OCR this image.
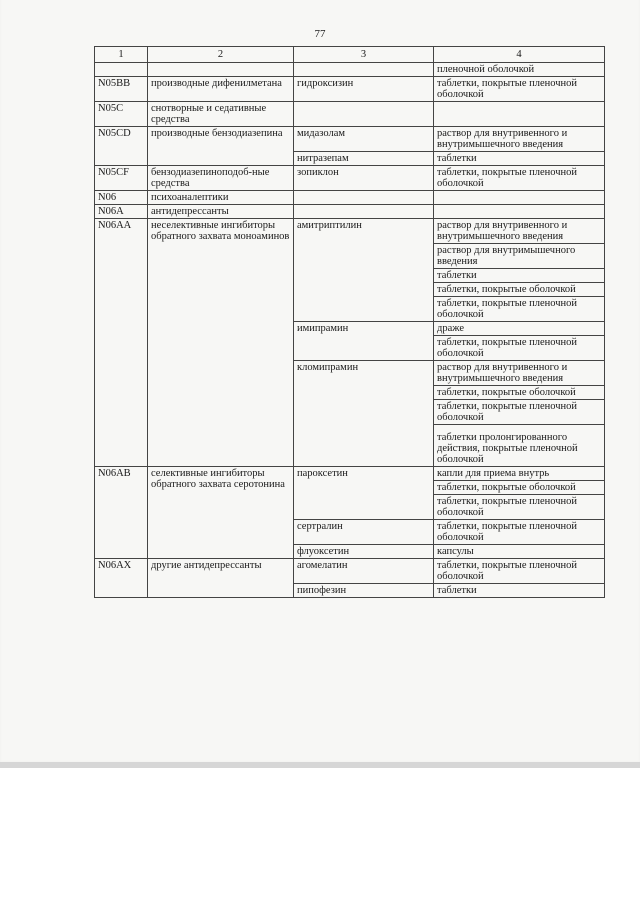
77
1	2	3	4
			пленочной оболочкой
N05BB	производные дифенилметана	гидроксизин	таблетки, покрытые пленочной оболочкой
N05C	снотворные и седативные средства		
N05CD	производные бензодиазепина	мидазолам	раствор для внутривенного и внутримышечного введения
		нитразепам	таблетки
N05CF	бензодиазепиноподоб-ные средства	зопиклон	таблетки, покрытые пленочной оболочкой
N06	психоаналептики		
N06A	антидепрессанты		
N06AA	неселективные ингибиторы обратного захвата моноаминов	амитриптилин	раствор для внутривенного и внутримышечного введения
			раствор для внутримышечного введения
			таблетки
			таблетки, покрытые оболочкой
			таблетки, покрытые пленочной оболочкой
		имипрамин	драже
			таблетки, покрытые пленочной оболочкой
		кломипрамин	раствор для внутривенного и внутримышечного введения
			таблетки, покрытые оболочкой
			таблетки, покрытые пленочной оболочкой
			таблетки пролонгированного действия, покрытые пленочной оболочкой
N06AB	селективные ингибиторы обратного захвата серотонина	пароксетин	капли для приема внутрь
			таблетки, покрытые оболочкой
			таблетки, покрытые пленочной оболочкой
		сертралин	таблетки, покрытые пленочной оболочкой
		флуоксетин	капсулы
N06AX	другие антидепрессанты	агомелатин	таблетки, покрытые пленочной оболочкой
		пипофезин	таблетки
